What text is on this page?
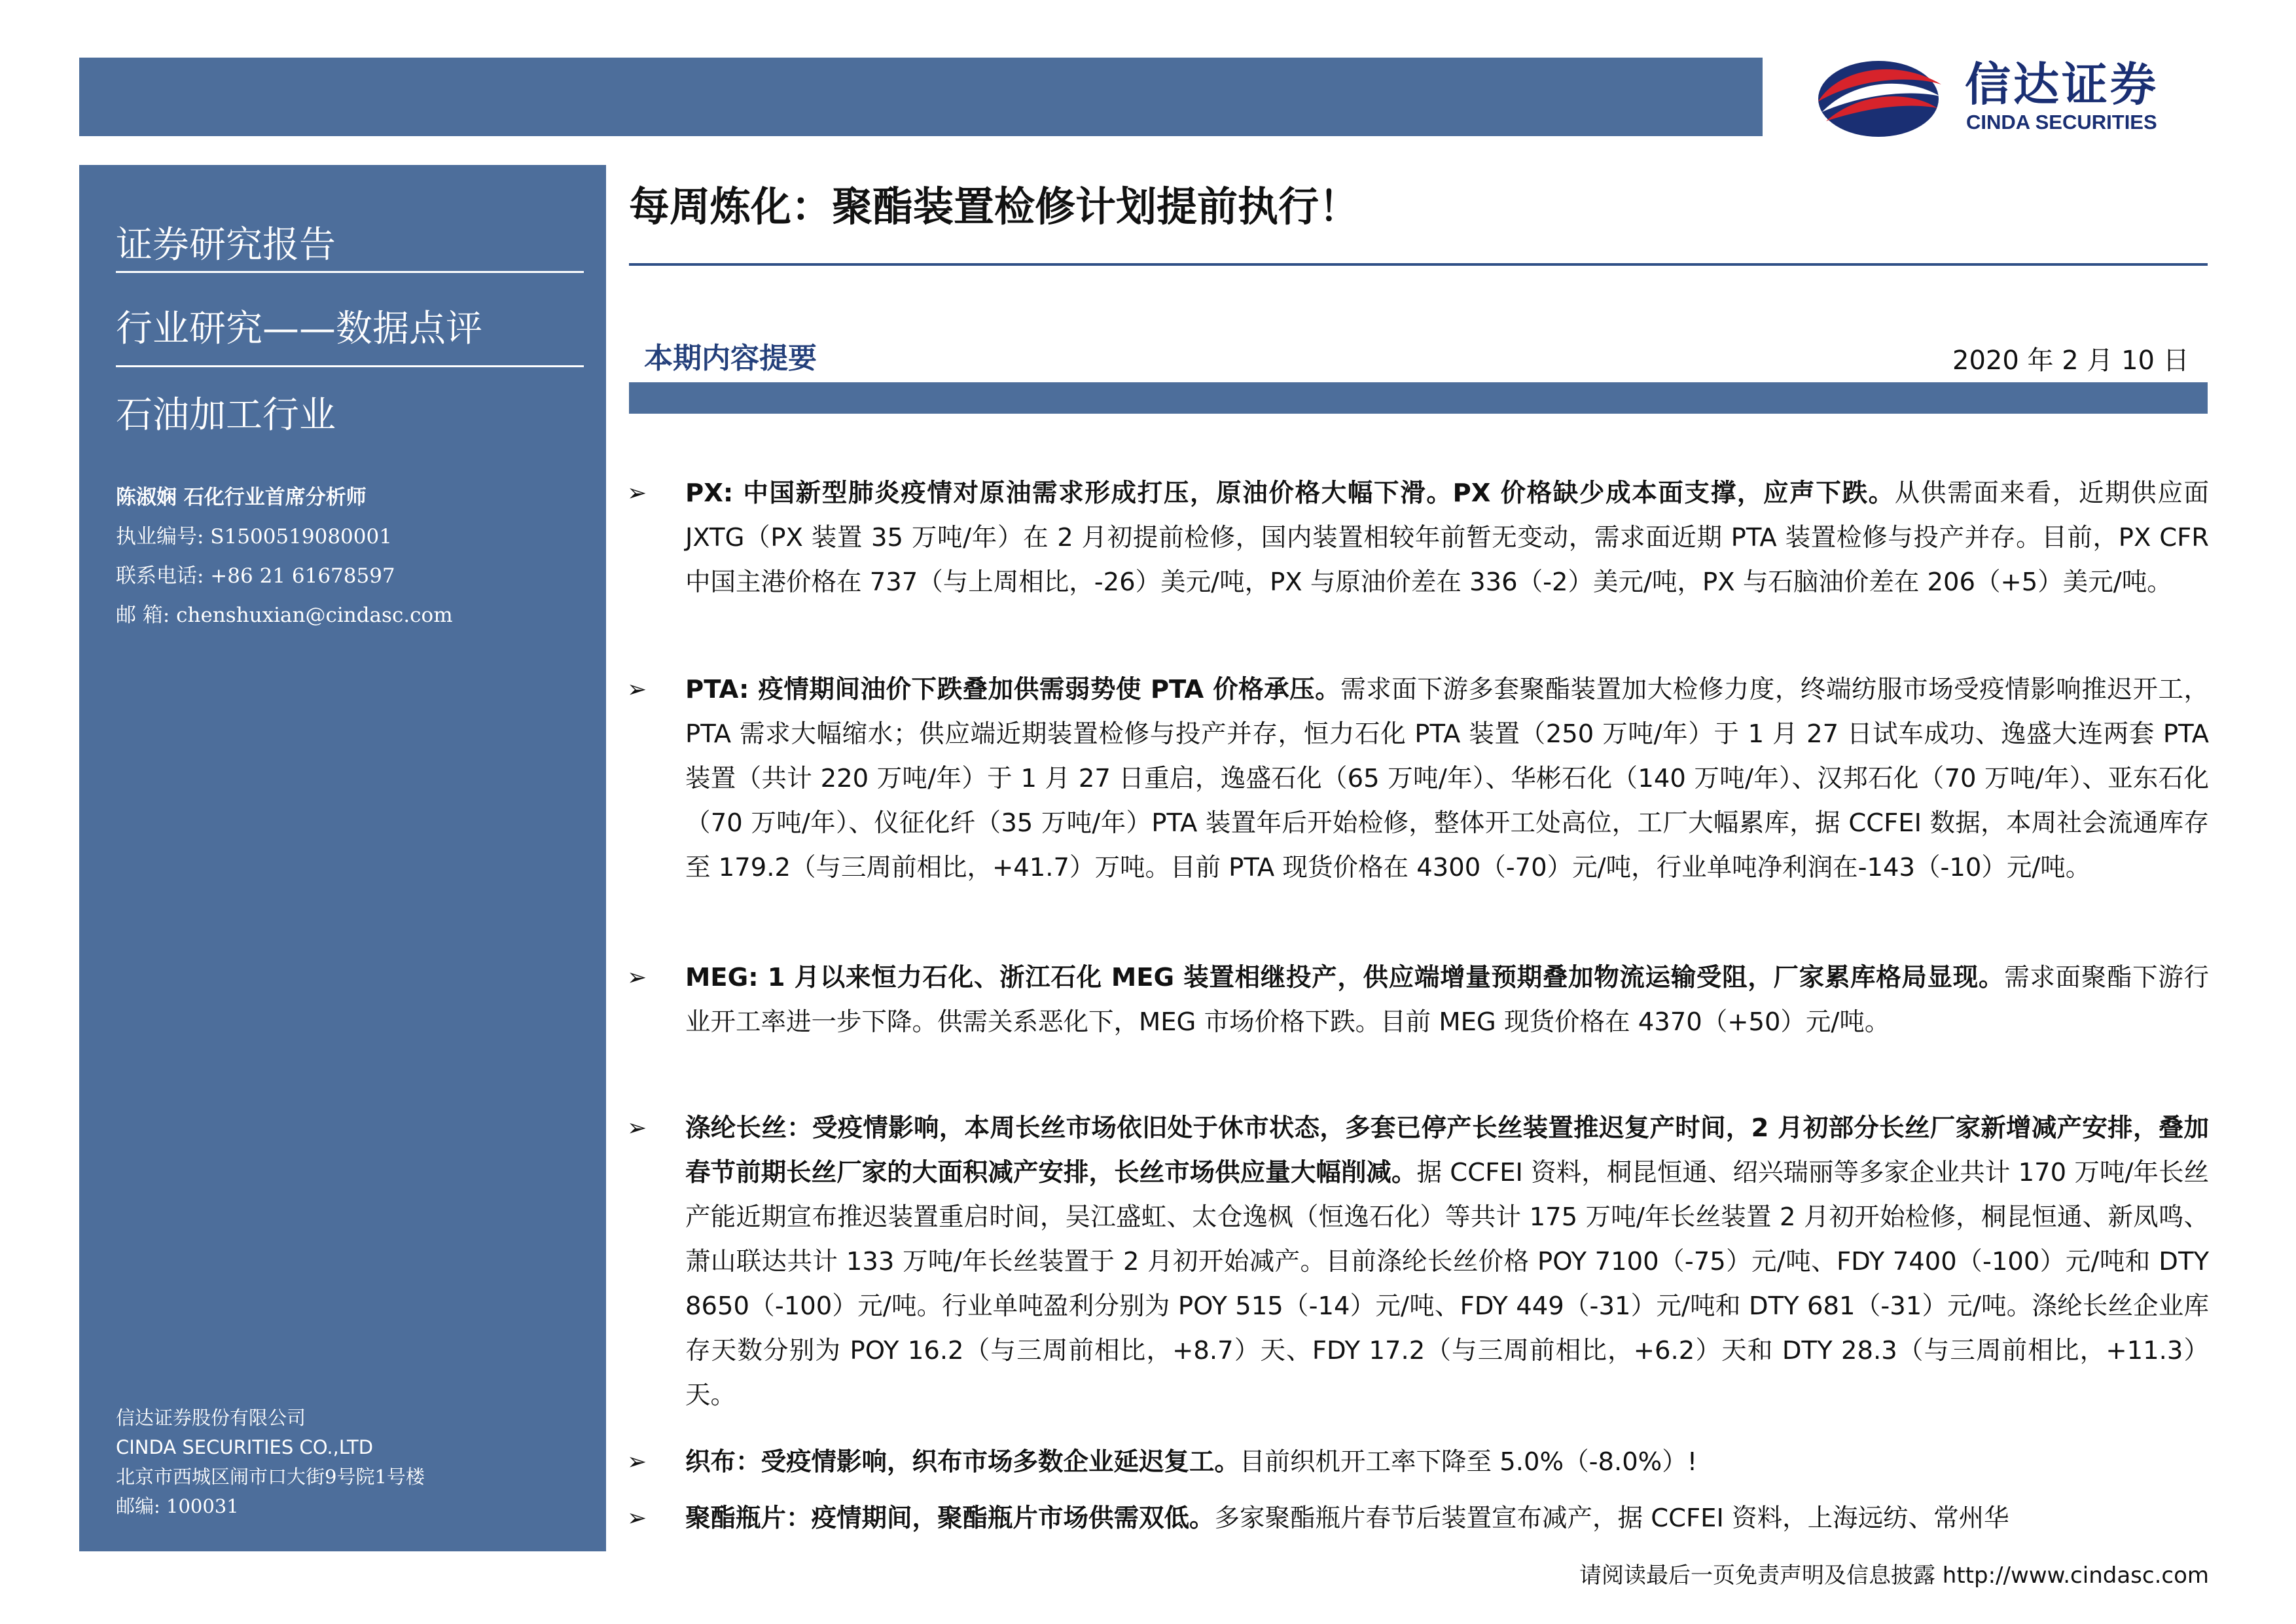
信达证券
CINDA SECURITIES
证券研究报告
行业研究——数据点评
石油加工行业
陈淑娴 石化行业首席分析师
执业编号: S1500519080001
联系电话: +86 21 61678597
邮 箱: chenshuxian@cindasc.com
信达证券股份有限公司
CINDA SECURITIES CO.,LTD
北京市西城区闹市口大街9号院1号楼
邮编: 100031
每周炼化：聚酯装置检修计划提前执行！
本期内容提要	2020 年 2 月 10 日
➢ PX: 中国新型肺炎疫情对原油需求形成打压，原油价格大幅下滑。PX 价格缺少成本面支撑，应声下跌。从供需面来看，近期供应面 JXTG（PX 装置 35 万吨/年）在 2 月初提前检修，国内装置相较年前暂无变动，需求面近期 PTA 装置检修与投产并存。目前，PX CFR 中国主港价格在 737（与上周相比，-26）美元/吨，PX 与原油价差在 336（-2）美元/吨，PX 与石脑油价差在 206（+5）美元/吨。
➢ PTA: 疫情期间油价下跌叠加供需弱势使 PTA 价格承压。需求面下游多套聚酯装置加大检修力度，终端纺服市场受疫情影响推迟开工，PTA 需求大幅缩水；供应端近期装置检修与投产并存，恒力石化 PTA 装置（250 万吨/年）于 1 月 27 日试车成功、逸盛大连两套 PTA 装置（共计 220 万吨/年）于 1 月 27 日重启，逸盛石化（65 万吨/年）、华彬石化（140 万吨/年）、汉邦石化（70 万吨/年）、亚东石化（70 万吨/年）、仪征化纤（35 万吨/年）PTA 装置年后开始检修，整体开工处高位，工厂大幅累库，据 CCFEI 数据，本周社会流通库存至 179.2（与三周前相比，+41.7）万吨。目前 PTA 现货价格在 4300（-70）元/吨，行业单吨净利润在-143（-10）元/吨。
➢ MEG: 1 月以来恒力石化、浙江石化 MEG 装置相继投产，供应端增量预期叠加物流运输受阻，厂家累库格局显现。需求面聚酯下游行业开工率进一步下降。供需关系恶化下，MEG 市场价格下跌。目前 MEG 现货价格在 4370（+50）元/吨。
➢ 涤纶长丝：受疫情影响，本周长丝市场依旧处于休市状态，多套已停产长丝装置推迟复产时间，2 月初部分长丝厂家新增减产安排，叠加春节前期长丝厂家的大面积减产安排，长丝市场供应量大幅削减。据 CCFEI 资料，桐昆恒通、绍兴瑞丽等多家企业共计 170 万吨/年长丝产能近期宣布推迟装置重启时间，吴江盛虹、太仓逸枫（恒逸石化）等共计 175 万吨/年长丝装置 2 月初开始检修，桐昆恒通、新凤鸣、萧山联达共计 133 万吨/年长丝装置于 2 月初开始减产。目前涤纶长丝价格 POY 7100（-75）元/吨、FDY 7400（-100）元/吨和 DTY 8650（-100）元/吨。行业单吨盈利分别为 POY 515（-14）元/吨、FDY 449（-31）元/吨和 DTY 681（-31）元/吨。涤纶长丝企业库存天数分别为 POY 16.2（与三周前相比，+8.7）天、FDY 17.2（与三周前相比，+6.2）天和 DTY 28.3（与三周前相比，+11.3）天。
➢ 织布：受疫情影响，织布市场多数企业延迟复工。目前织机开工率下降至 5.0%（-8.0%）!
➢ 聚酯瓶片：疫情期间，聚酯瓶片市场供需双低。多家聚酯瓶片春节后装置宣布减产，据 CCFEI 资料，上海远纺、常州华
请阅读最后一页免责声明及信息披露 http://www.cindasc.com
